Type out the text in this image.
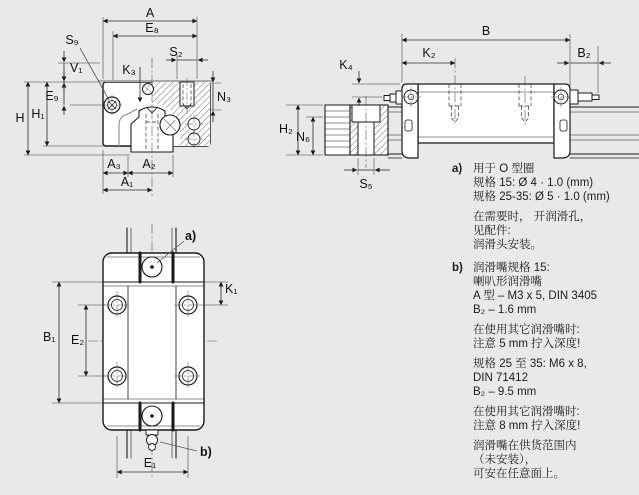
A
E₈
S₉
V₁	K₃
S₂
N₃
E₉
H H₁
A₃ A₂
A₁
B
K₂	B₂
K₄
H₂
N₆
S₅
a)
b)
K₁
B₁ E₂
E₁
a) 用于 O 型圈
规格 15: Ø 4 · 1.0 (mm)
规格 25-35: Ø 5 · 1.0 (mm)
在需要时， 开润滑孔，
见配件:
润滑头安装。
b) 润滑嘴规格 15:
喇叭形润滑嘴
A 型 – M3 x 5, DIN 3405
B₂ – 1.6 mm
在使用其它润滑嘴时:
注意 5 mm 拧入深度!
规格 25 至 35: M6 x 8,
DIN 71412
B₂ – 9.5 mm
在使用其它润滑嘴时:
注意 8 mm 拧入深度!
润滑嘴在供货范围内
（未安装），
可安在任意面上。
